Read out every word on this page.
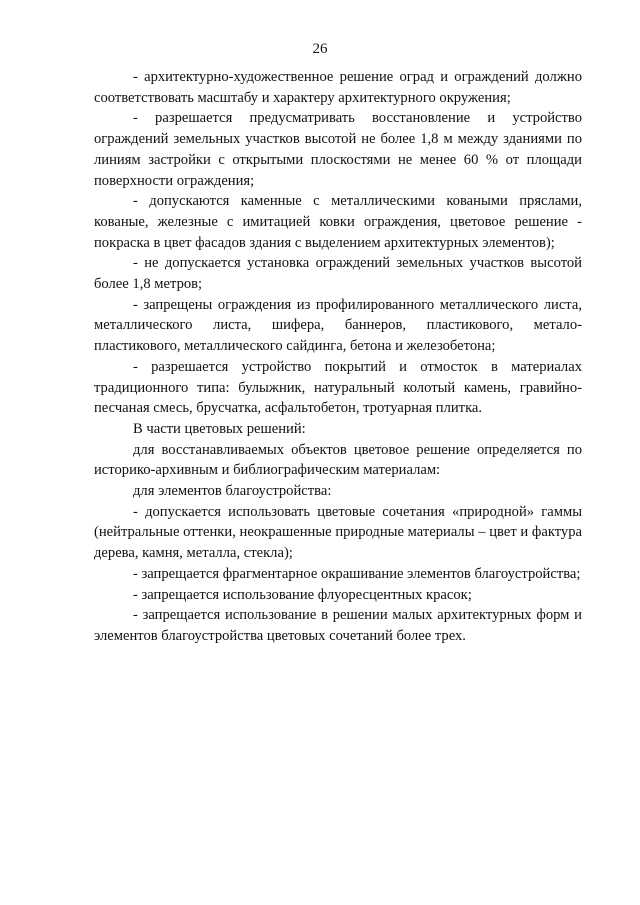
26

- архитектурно-художественное решение оград и ограждений должно соответствовать масштабу и характеру архитектурного окружения;

- разрешается предусматривать восстановление и устройство ограждений земельных участков высотой не более 1,8 м между зданиями по линиям застройки с открытыми плоскостями не менее 60 % от площади поверхности ограждения;

- допускаются каменные с металлическими коваными пряслами, кованые, железные с имитацией ковки ограждения, цветовое решение - покраска в цвет фасадов здания с выделением архитектурных элементов);

- не допускается установка ограждений земельных участков высотой более 1,8 метров;

- запрещены ограждения из профилированного металлического листа, металлического листа, шифера, баннеров, пластикового, метало-пластикового, металлического сайдинга, бетона и железобетона;

- разрешается устройство покрытий и отмосток в материалах традиционного типа: булыжник, натуральный колотый камень, гравийно-песчаная смесь, брусчатка, асфальтобетон, тротуарная плитка.

В части цветовых решений:

для восстанавливаемых объектов цветовое решение определяется по историко-архивным и библиографическим материалам:

для элементов благоустройства:

- допускается использовать цветовые сочетания «природной» гаммы (нейтральные оттенки, неокрашенные природные материалы – цвет и фактура дерева, камня, металла, стекла);

- запрещается фрагментарное окрашивание элементов благоустройства;

- запрещается использование флуоресцентных красок;

- запрещается использование в решении малых архитектурных форм и элементов благоустройства цветовых сочетаний более трех.
